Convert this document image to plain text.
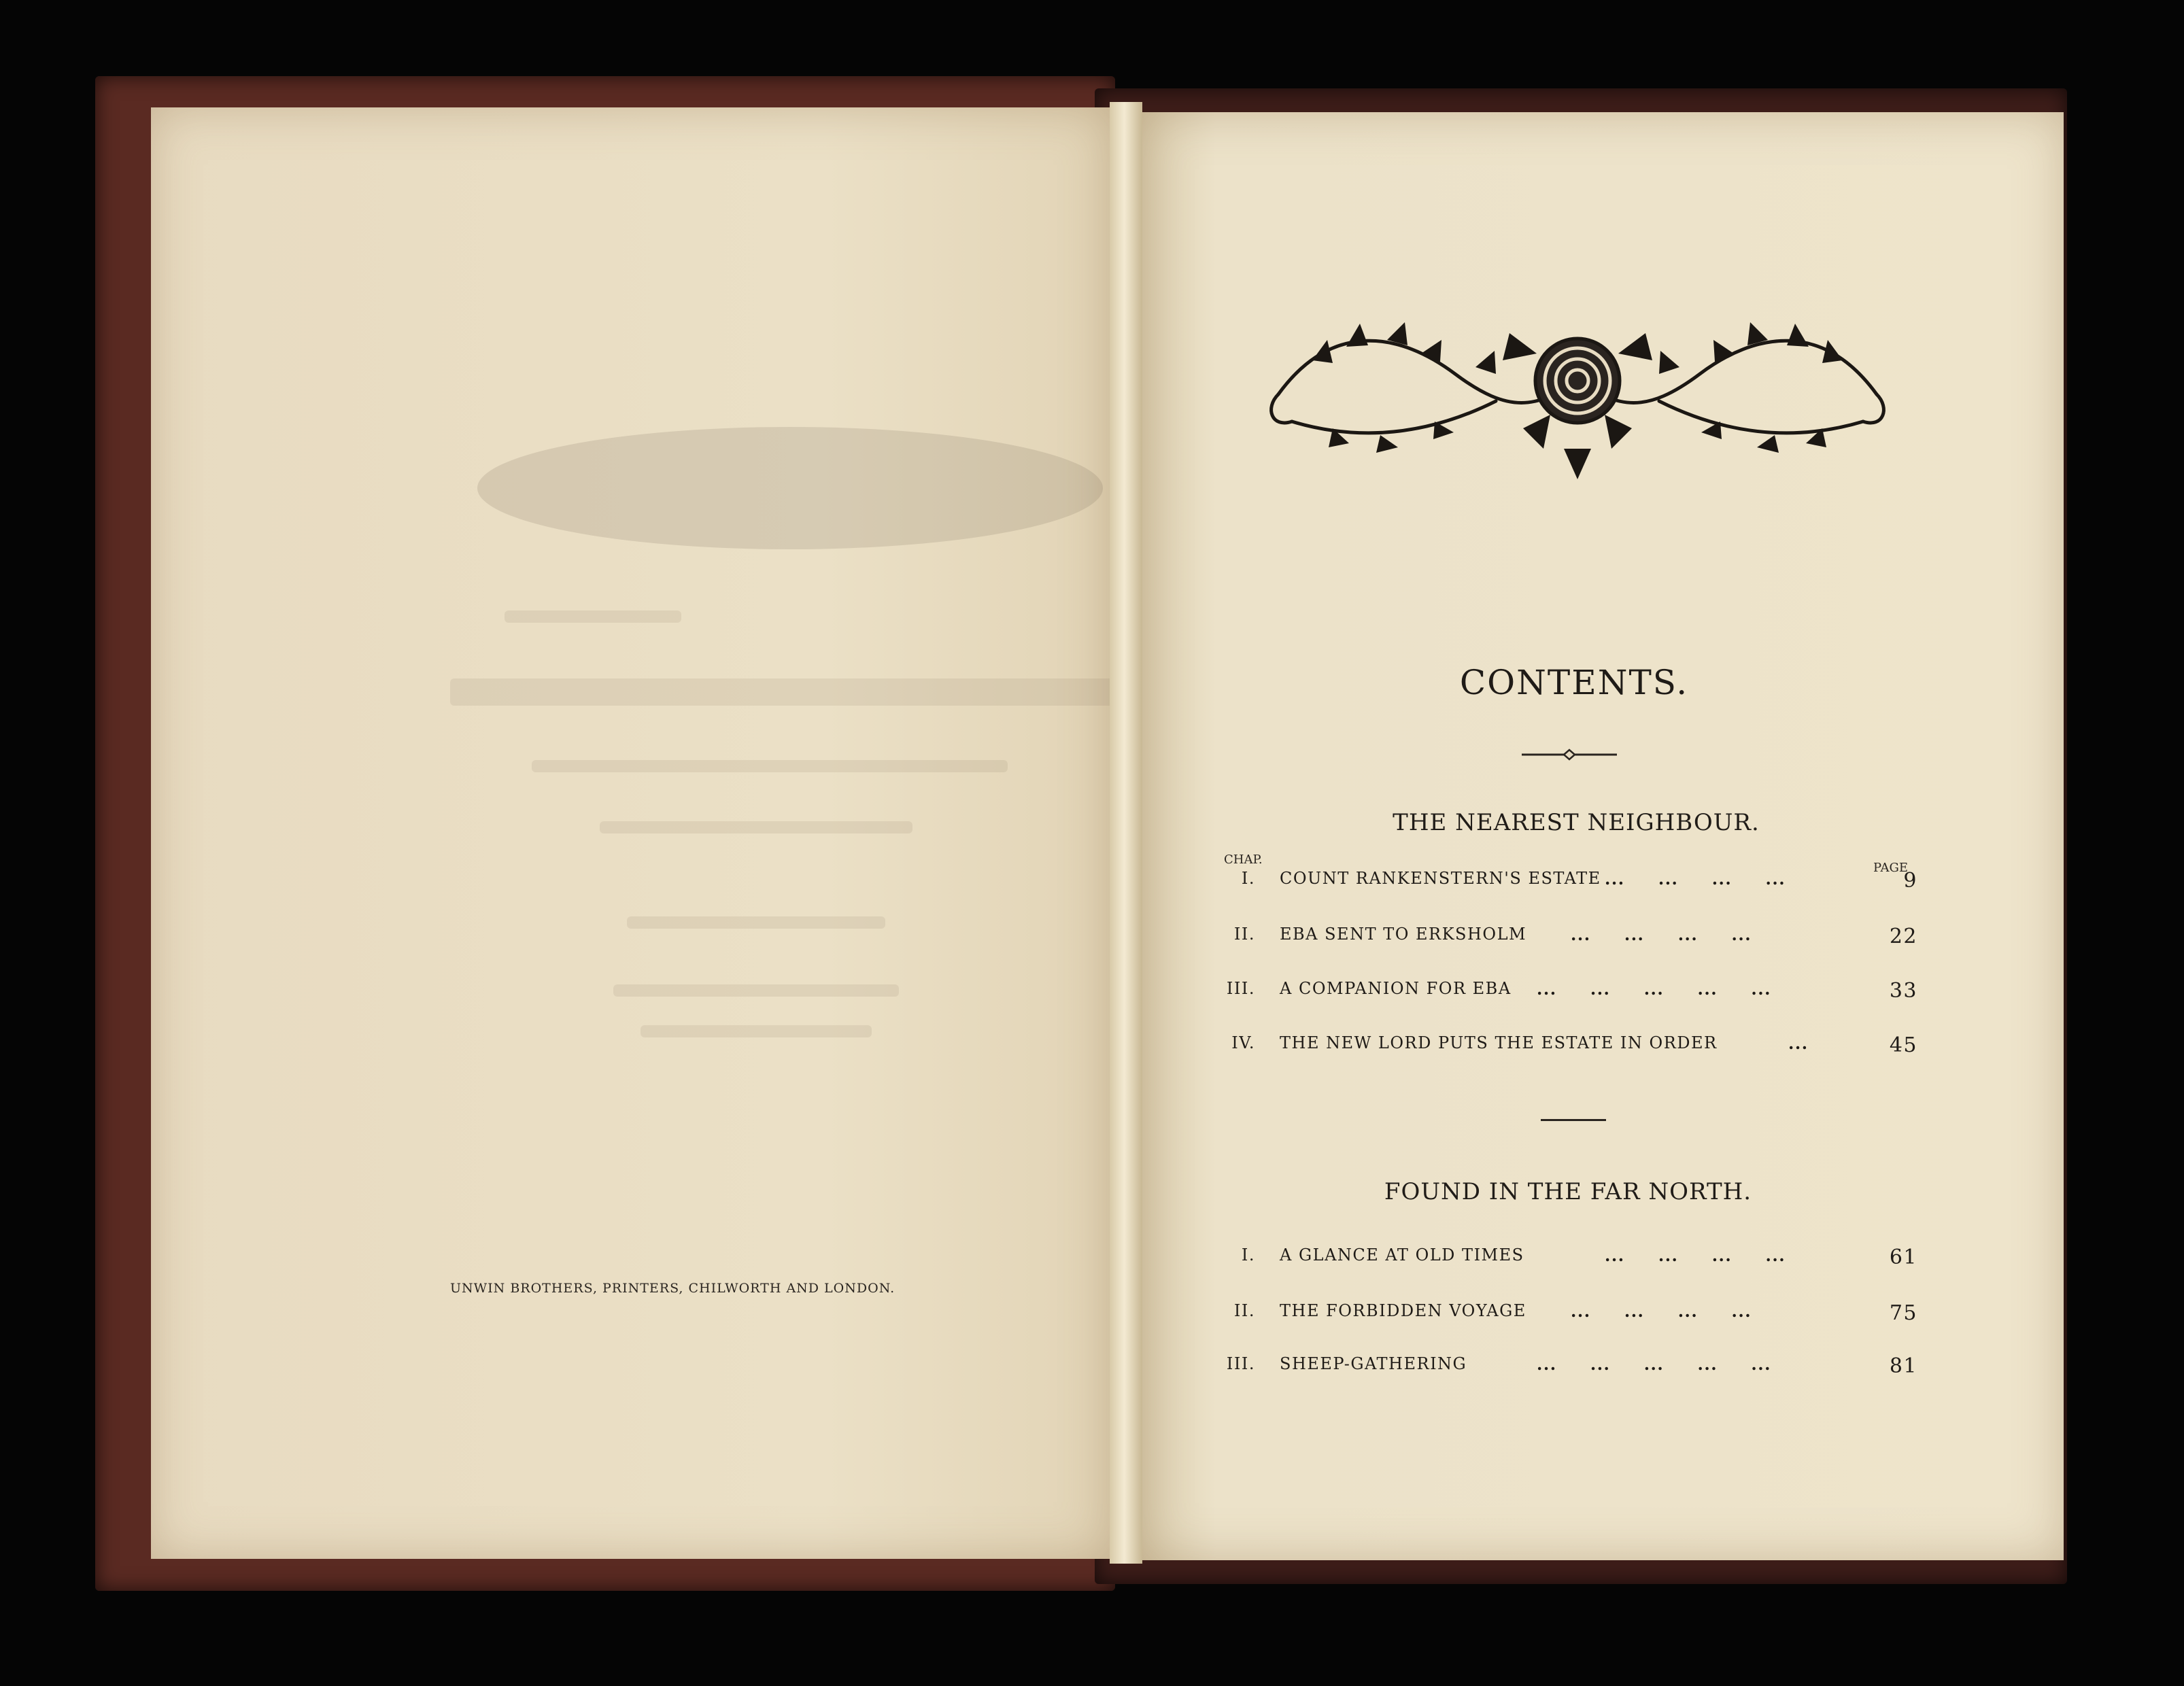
UNWIN BROTHERS, PRINTERS, CHILWORTH AND LONDON.
CONTENTS.
THE NEAREST NEIGHBOUR.
CHAP.
PAGE
I. COUNT RANKENSTERN'S ESTATE ...     ...     ...     ...	9
II. EBA SENT TO ERKSHOLM	...     ...     ...     ...	22
III. A COMPANION FOR EBA ...     ...     ...     ...     ...	33
IV. THE NEW LORD PUTS THE ESTATE IN ORDER	...	45
FOUND IN THE FAR NORTH.
I. A GLANCE AT OLD TIMES	...     ...     ...     ...	61
II. THE FORBIDDEN VOYAGE	...     ...     ...     ...	75
III. SHEEP-GATHERING	...     ...     ...     ...     ...	81
